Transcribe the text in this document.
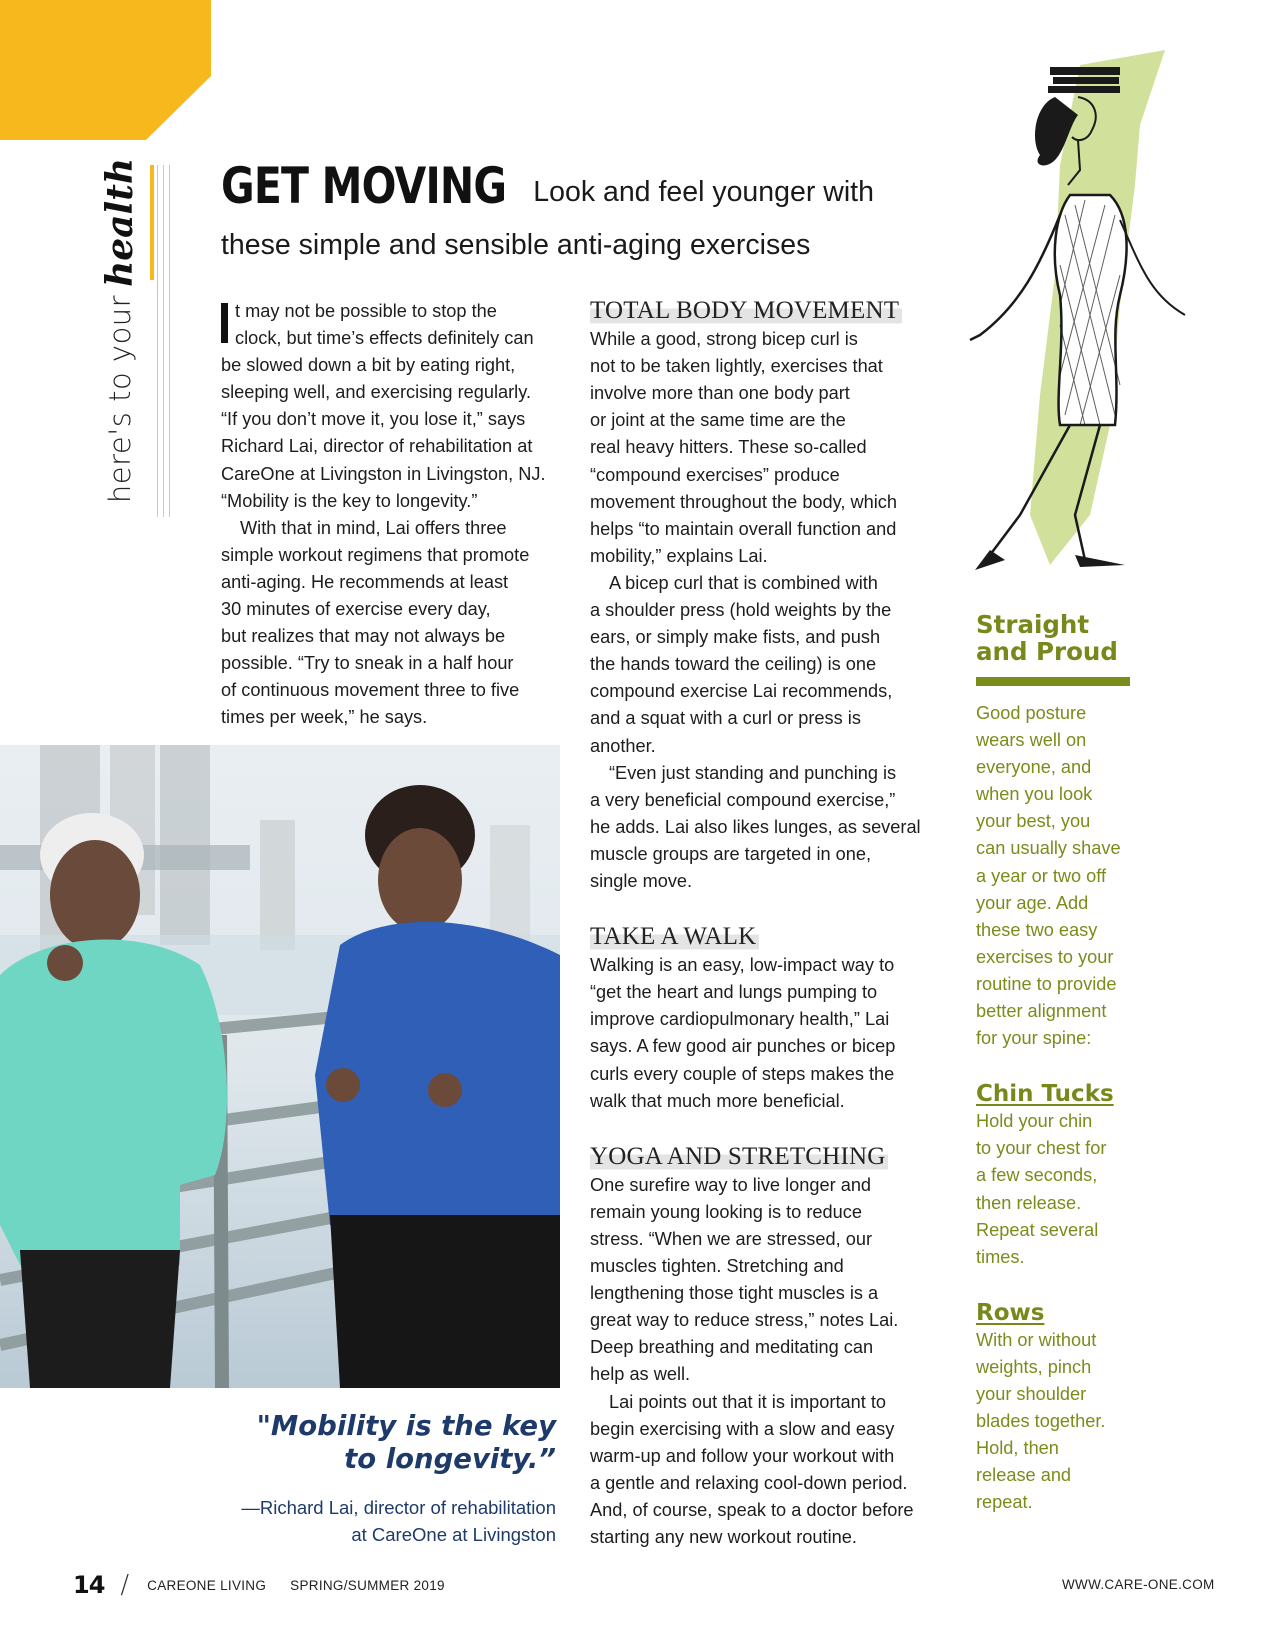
here's to your
health GET MOVING Look and feel younger with
these simple and sensible anti-aging exercises

t may not be possible to stop the
clock, but time’s effects definitely can
be slowed down a bit by eating right,
sleeping well, and exercising regularly.
“If you don’t move it, you lose it,” says
Richard Lai, director of rehabilitation at
CareOne at Livingston in Livingston, NJ.
“Mobility is the key to longevity.”

With that in mind, Lai offers three
simple workout regimens that promote
anti-aging. He recommends at least
30 minutes of exercise every day,
but realizes that may not always be
possible. “Try to sneak in a half hour
of continuous movement three to five
times per week,” he says.

TOTAL BODY MOVEMENT

While a good, strong bicep curl is
not to be taken lightly, exercises that
involve more than one body part
or joint at the same time are the
real heavy hitters. These so-called
“compound exercises” produce
movement throughout the body, which
helps “to maintain overall function and
mobility,” explains Lai.

A bicep curl that is combined with
a shoulder press (hold weights by the
ears, or simply make fists, and push
the hands toward the ceiling) is one
compound exercise Lai recommends,
and a squat with a curl or press is
another.

“Even just standing and punching is
a very beneficial compound exercise,”
he adds. Lai also likes lunges, as several
muscle groups are targeted in one,
single move.

TAKE A WALK

Walking is an easy, low-impact way to
“get the heart and lungs pumping to
improve cardiopulmonary health,” Lai
says. A few good air punches or bicep
curls every couple of steps makes the
walk that much more beneficial.

YOGA AND STRETCHING

One surefire way to live longer and
remain young looking is to reduce
stress. “When we are stressed, our
muscles tighten. Stretching and
lengthening those tight muscles is a
great way to reduce stress,” notes Lai.
Deep breathing and meditating can
help as well.

Lai points out that it is important to
begin exercising with a slow and easy
warm-up and follow your workout with
a gentle and relaxing cool-down period.
And, of course, speak to a doctor before
starting any new workout routine.

"Mobility is the key
to longevity.”
—Richard Lai, director of rehabilitation
at CareOne at Livingston
Straight
and Proud
Good posture
wears well on
everyone, and
when you look
your best, you
can usually shave
a year or two off
your age. Add
these two easy
exercises to your
routine to provide
better alignment
for your spine:
Chin Tucks
Hold your chin
to your chest for
a few seconds,
then release.
Repeat several
times.
Rows
With or without
weights, pinch
your shoulder
blades together.
Hold, then
release and
repeat.
14 / CAREONE LIVING SPRING/SUMMER 2019	WWW.CARE-ONE.COM
